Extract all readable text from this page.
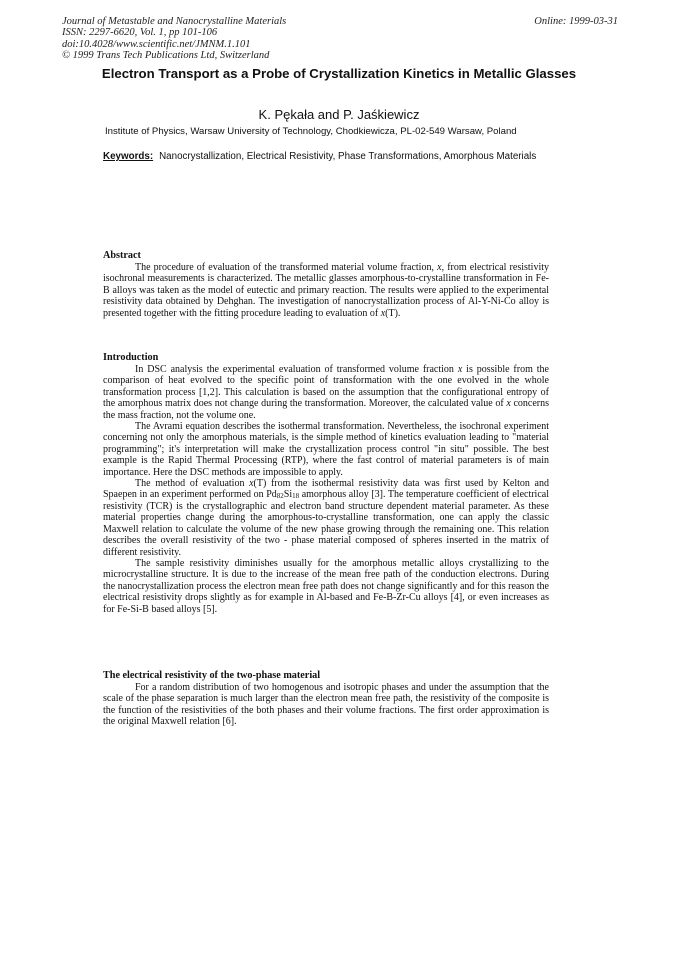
Journal of Metastable and Nanocrystalline Materials
ISSN: 2297-6620, Vol. 1, pp 101-106
doi:10.4028/www.scientific.net/JMNM.1.101
© 1999 Trans Tech Publications Ltd, Switzerland
Online: 1999-03-31
Electron Transport as a Probe of Crystallization Kinetics in Metallic Glasses
K. Pękała and P. Jaśkiewicz
Institute of Physics, Warsaw University of Technology, Chodkiewicza, PL-02-549 Warsaw, Poland
Keywords: Nanocrystallization, Electrical Resistivity, Phase Transformations, Amorphous Materials
Abstract

The procedure of evaluation of the transformed material volume fraction, x, from electrical resistivity isochronal measurements is characterized. The metallic glasses amorphous-to-crystalline transformation in Fe-B alloys was taken as the model of eutectic and primary reaction. The results were applied to the experimental resistivity data obtained by Dehghan. The investigation of nanocrystallization process of Al-Y-Ni-Co alloy is presented together with the fitting procedure leading to evaluation of x(T).

Introduction

In DSC analysis the experimental evaluation of transformed volume fraction x is possible from the comparison of heat evolved to the specific point of transformation with the one evolved in the whole transformation process [1,2]. This calculation is based on the assumption that the configurational entropy of the amorphous matrix does not change during the transformation. Moreover, the calculated value of x concerns the mass fraction, not the volume one.

The Avrami equation describes the isothermal transformation. Nevertheless, the isochronal experiment concerning not only the amorphous materials, is the simple method of kinetics evaluation leading to "material programming"; it's interpretation will make the crystallization process control "in situ" possible. The best example is the Rapid Thermal Processing (RTP), where the fast control of material parameters is of main importance. Here the DSC methods are impossible to apply.

The method of evaluation x(T) from the isothermal resistivity data was first used by Kelton and Spaepen in an experiment performed on $Pd_{82}Si_{18}$ amorphous alloy [3]. The temperature coefficient of electrical resistivity (TCR) is the crystallographic and electron band structure dependent material parameter. As these material properties change during the amorphous-to-crystalline transformation, one can apply the classic Maxwell relation to calculate the volume of the new phase growing through the remaining one. This relation describes the overall resistivity of the two - phase material composed of spheres inserted in the matrix of different resistivity.

The sample resistivity diminishes usually for the amorphous metallic alloys crystallizing to the microcrystalline structure. It is due to the increase of the mean free path of the conduction electrons. During the nanocrystallization process the electron mean free path does not change significantly and for this reason the electrical resistivity drops slightly as for example in Al-based and Fe-B-Zr-Cu alloys [4], or even increases as for Fe-Si-B based alloys [5].

The electrical resistivity of the two-phase material

For a random distribution of two homogenous and isotropic phases and under the assumption that the scale of the phase separation is much larger than the electron mean free path, the resistivity of the composite is the function of the resistivities of the both phases and their volume fractions. The first order approximation is the original Maxwell relation [6].
